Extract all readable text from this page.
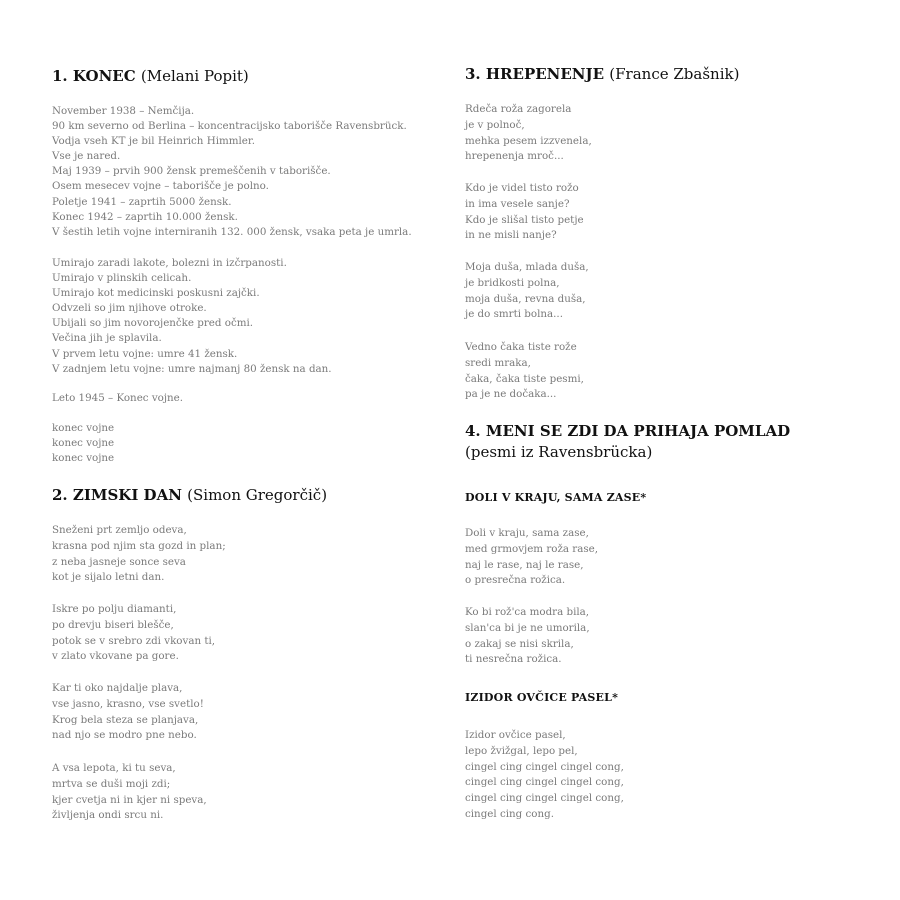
1. KONEC (Melani Popit)
November 1938 – Nemčija.
90 km severno od Berlina – koncentracijsko taborišče Ravensbrück.
Vodja vseh KT je bil Heinrich Himmler.
Vse je nared.
Maj 1939 – prvih 900 žensk premeščenih v taborišče.
Osem mesecev vojne – taborišče je polno.
Poletje 1941 – zaprtih 5000 žensk.
Konec 1942 – zaprtih 10.000 žensk.
V šestih letih vojne interniranih 132. 000 žensk, vsaka peta je umrla.
Umirajo zaradi lakote, bolezni in izčrpanosti.
Umirajo v plinskih celicah.
Umirajo kot medicinski poskusni zajčki.
Odvzeli so jim njihove otroke.
Ubijali so jim novorojenčke pred očmi.
Večina jih je splavila.
V prvem letu vojne: umre 41 žensk.
V zadnjem letu vojne: umre najmanj 80 žensk na dan.
Leto 1945 – Konec vojne.
konec vojne
konec vojne
konec vojne
2. ZIMSKI DAN (Simon Gregorčič)
Sneženi prt zemljo odeva,
krasna pod njim sta gozd in plan;
z neba jasneje sonce seva
kot je sijalo letni dan.
Iskre po polju diamanti,
po drevju biseri blešče,
potok se v srebro zdi vkovan ti,
v zlato vkovane pa gore.
Kar ti oko najdalje plava,
vse jasno, krasno, vse svetlo!
Krog bela steza se planjava,
nad njo se modro pne nebo.
A vsa lepota, ki tu seva,
mrtva se duši moji zdi;
kjer cvetja ni in kjer ni speva,
življenja ondi srcu ni.
3. HREPENENJE (France Zbašnik)
Rdeča roža zagorela
je v polnoč,
mehka pesem izzvenela,
hrepenenja mroč...
Kdo je videl tisto rožo
in ima vesele sanje?
Kdo je slišal tisto petje
in ne misli nanje?
Moja duša, mlada duša,
je bridkosti polna,
moja duša, revna duša,
je do smrti bolna...
Vedno čaka tiste rože
sredi mraka,
čaka, čaka tiste pesmi,
pa je ne dočaka...
4. MENI SE ZDI DA PRIHAJA POMLAD
(pesmi iz Ravensbrücka)
DOLI V KRAJU, SAMA ZASE*
Doli v kraju, sama zase,
med grmovjem roža rase,
naj le rase, naj le rase,
o presrečna rožica.
Ko bi rož'ca modra bila,
slan'ca bi je ne umorila,
o zakaj se nisi skrila,
ti nesrečna rožica.
IZIDOR OVČICE PASEL*
Izidor ovčice pasel,
lepo žvižgal, lepo pel,
cingel cing cingel cingel cong,
cingel cing cingel cingel cong,
cingel cing cingel cingel cong,
cingel cing cong.
